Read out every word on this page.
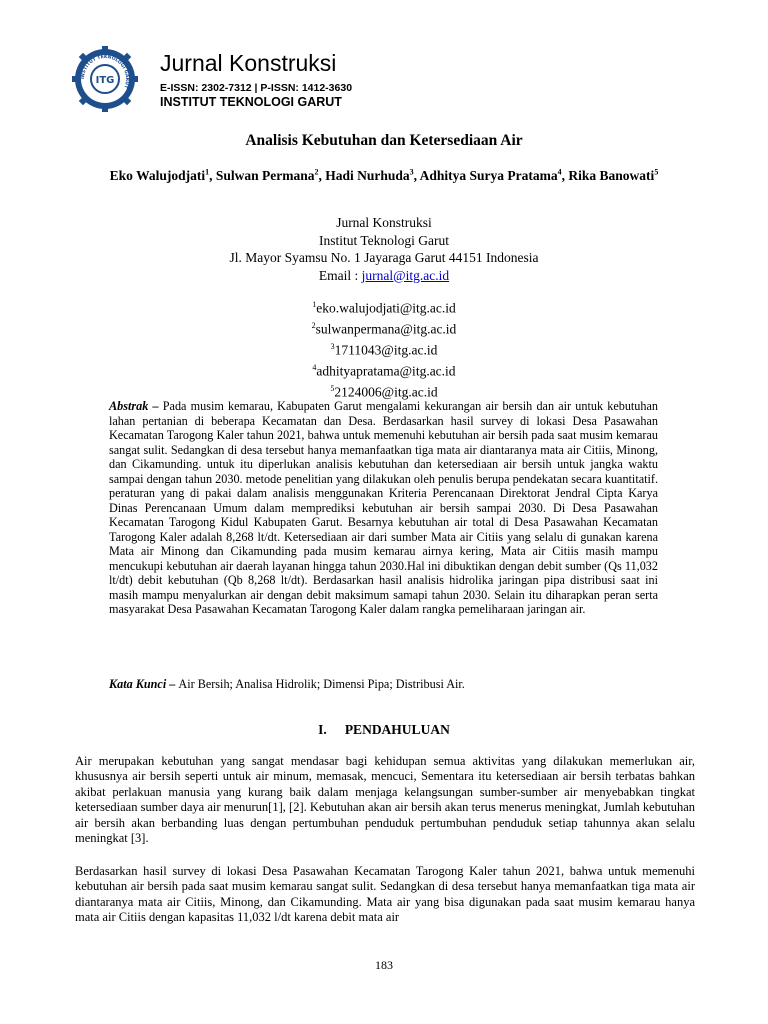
ITG
INSTITUT TEKNOLOGI GARUT
Jurnal Konstruksi
E-ISSN: 2302-7312 | P-ISSN: 1412-3630
INSTITUT TEKNOLOGI GARUT
Analisis Kebutuhan dan Ketersediaan Air
Eko Walujodjati$^1$, Sulwan Permana$^2$, Hadi Nurhuda$^3$, Adhitya Surya Pratama$^4$, Rika Banowati$^5$
Jurnal Konstruksi
Institut Teknologi Garut
Jl. Mayor Syamsu No. 1 Jayaraga Garut 44151 Indonesia
Email : jurnal@itg.ac.id
$^1$eko.walujodjati@itg.ac.id
$^2$sulwanpermana@itg.ac.id
$^3$1711043@itg.ac.id
$^4$adhityapratama@itg.ac.id
$^5$2124006@itg.ac.id
Abstrak – Pada musim kemarau, Kabupaten Garut mengalami kekurangan air bersih dan air untuk kebutuhan lahan pertanian di beberapa Kecamatan dan Desa. Berdasarkan hasil survey di lokasi Desa Pasawahan Kecamatan Tarogong Kaler tahun 2021, bahwa untuk memenuhi kebutuhan air bersih pada saat musim kemarau sangat sulit. Sedangkan di desa tersebut hanya memanfaatkan tiga mata air diantaranya mata air Citiis, Minong, dan Cikamunding. untuk itu diperlukan analisis kebutuhan dan ketersediaan air bersih untuk jangka waktu sampai dengan tahun 2030. metode penelitian yang dilakukan oleh penulis berupa pendekatan secara kuantitatif. peraturan yang di pakai dalam analisis menggunakan Kriteria Perencanaan Direktorat Jendral Cipta Karya Dinas Perencanaan Umum dalam memprediksi kebutuhan air bersih sampai 2030. Di Desa Pasawahan Kecamatan Tarogong Kidul Kabupaten Garut. Besarnya kebutuhan air total di Desa Pasawahan Kecamatan Tarogong Kaler adalah 8,268 lt/dt. Ketersediaan air dari sumber Mata air Citiis yang selalu di gunakan karena Mata air Minong dan Cikamunding pada musim kemarau airnya kering, Mata air Citiis masih mampu mencukupi kebutuhan air daerah layanan hingga tahun 2030.Hal ini dibuktikan dengan debit sumber (Qs 11,032 lt/dt) debit kebutuhan (Qb 8,268 lt/dt). Berdasarkan hasil analisis hidrolika jaringan pipa distribusi saat ini masih mampu menyalurkan air dengan debit maksimum samapi tahun 2030. Selain itu diharapkan peran serta masyarakat Desa Pasawahan Kecamatan Tarogong Kaler dalam rangka pemeliharaan jaringan air.
Kata Kunci – Air Bersih; Analisa Hidrolik; Dimensi Pipa; Distribusi Air.
I. PENDAHULUAN
Air merupakan kebutuhan yang sangat mendasar bagi kehidupan semua aktivitas yang dilakukan memerlukan air, khususnya air bersih seperti untuk air minum, memasak, mencuci, Sementara itu ketersediaan air bersih terbatas bahkan akibat perlakuan manusia yang kurang baik dalam menjaga kelangsungan sumber-sumber air menyebabkan tingkat ketersediaan sumber daya air menurun[1], [2]. Kebutuhan akan air bersih akan terus menerus meningkat, Jumlah kebutuhan air bersih akan berbanding luas dengan pertumbuhan penduduk pertumbuhan penduduk setiap tahunnya akan selalu meningkat [3].
Berdasarkan hasil survey di lokasi Desa Pasawahan Kecamatan Tarogong Kaler tahun 2021, bahwa untuk memenuhi kebutuhan air bersih pada saat musim kemarau sangat sulit. Sedangkan di desa tersebut hanya memanfaatkan tiga mata air diantaranya mata air Citiis, Minong, dan Cikamunding. Mata air yang bisa digunakan pada saat musim kemarau hanya mata air Citiis dengan kapasitas 11,032 l/dt karena debit mata air
183
